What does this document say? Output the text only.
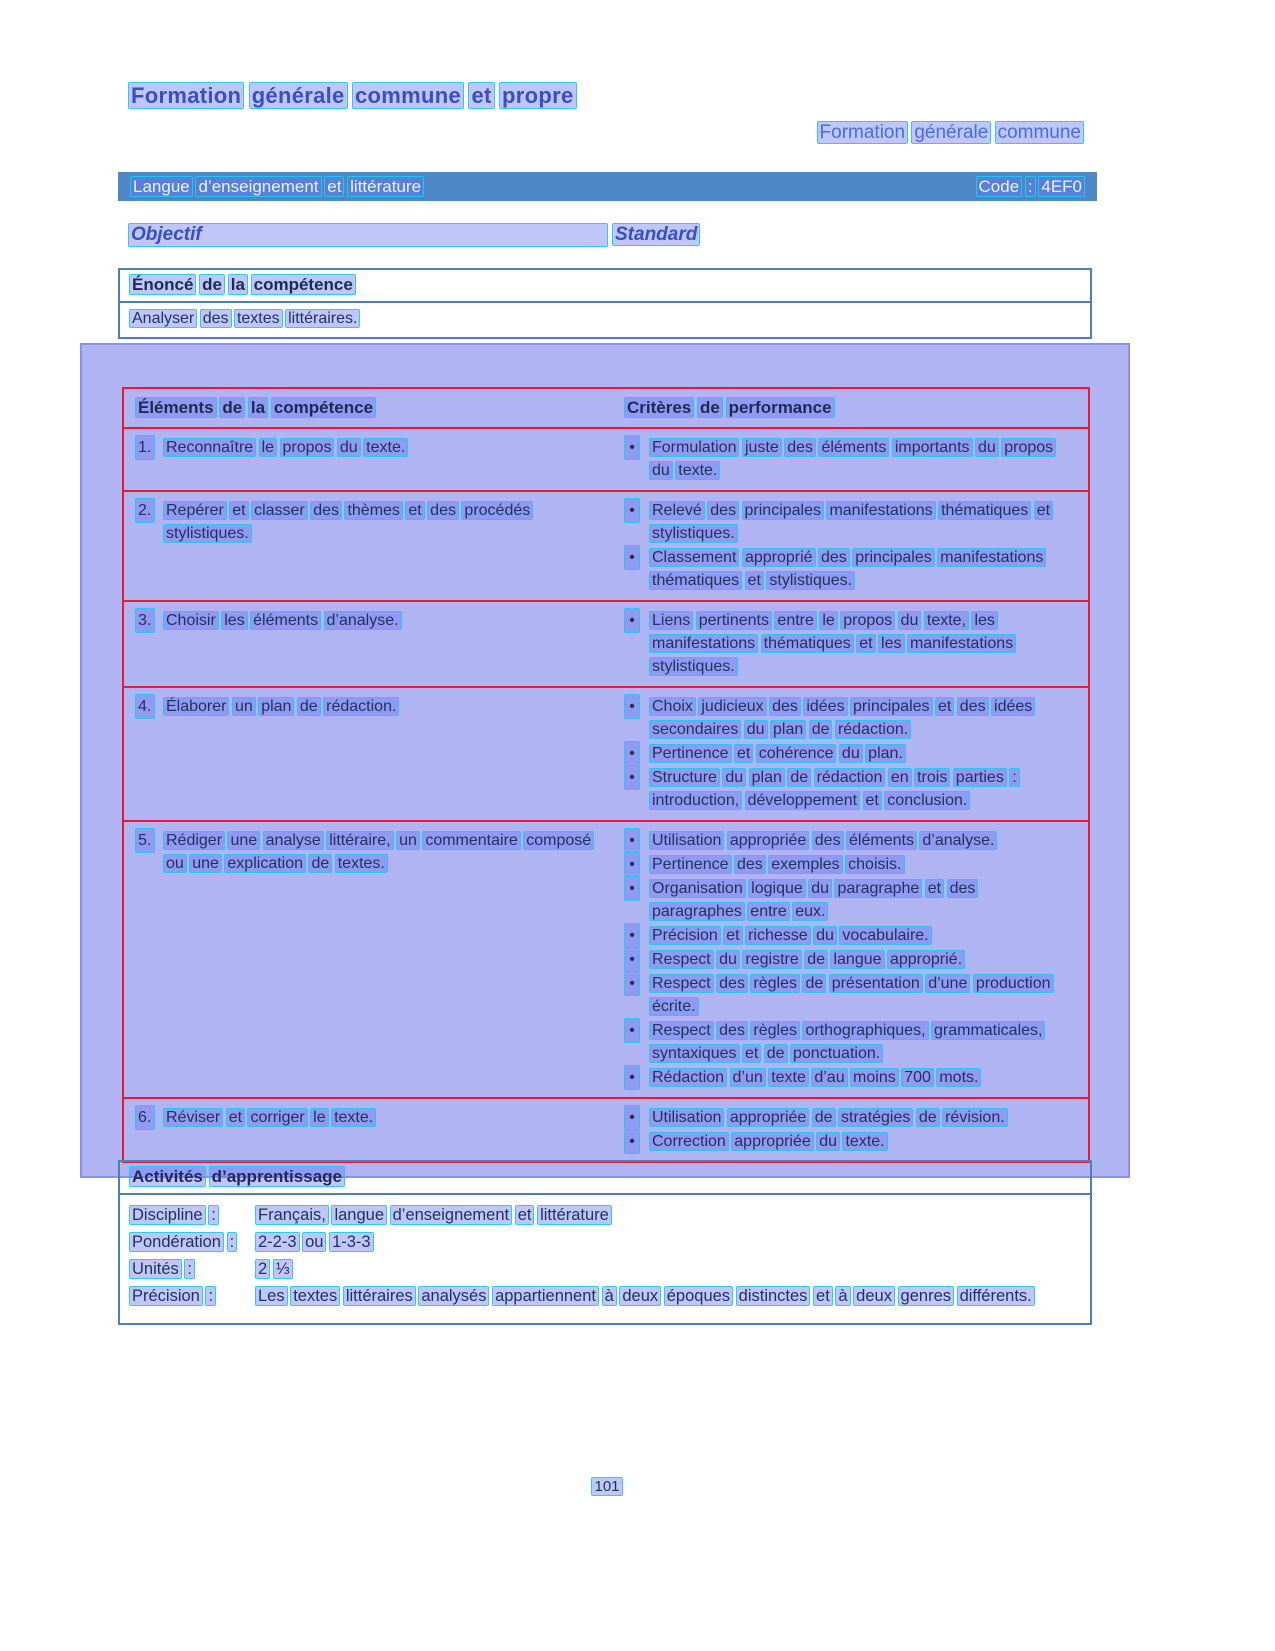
Formation générale commune et propre
Formation générale commune
Langue d’enseignement et littérature	Code : 4EF0
Objectif	Standard
Énoncé de la compétence
Analyser des textes littéraires.
Éléments de la compétence	Critères de performance
1. Reconnaître le propos du texte.	• Formulation juste des éléments importants du propos du texte.
2. Repérer et classer des thèmes et des procédés stylistiques.
• Relevé des principales manifestations thématiques et stylistiques.
• Classement approprié des principales manifestations thématiques et stylistiques.
3. Choisir les éléments d’analyse.	• Liens pertinents entre le propos du texte, les manifestations thématiques et les manifestations stylistiques.
4. Élaborer un plan de rédaction.	• Choix judicieux des idées principales et des idées secondaires du plan de rédaction.
• Pertinence et cohérence du plan.
• Structure du plan de rédaction en trois parties : introduction, développement et conclusion.
5. Rédiger une analyse littéraire, un commentaire composé ou une explication de textes.
• Utilisation appropriée des éléments d’analyse.
• Pertinence des exemples choisis.
• Organisation logique du paragraphe et des paragraphes entre eux.
• Précision et richesse du vocabulaire.
• Respect du registre de langue approprié.
• Respect des règles de présentation d’une production écrite.
• Respect des règles orthographiques, grammaticales, syntaxiques et de ponctuation.
• Rédaction d’un texte d’au moins 700 mots.
6. Réviser et corriger le texte.	• Utilisation appropriée de stratégies de révision.
• Correction appropriée du texte.
Activités d’apprentissage
Discipline :	Français, langue d’enseignement et littérature
Pondération :	2-2-3 ou 1-3-3
Unités :	2 ⅓
Précision :	Les textes littéraires analysés appartiennent à deux époques distinctes et à deux genres différents.
101
